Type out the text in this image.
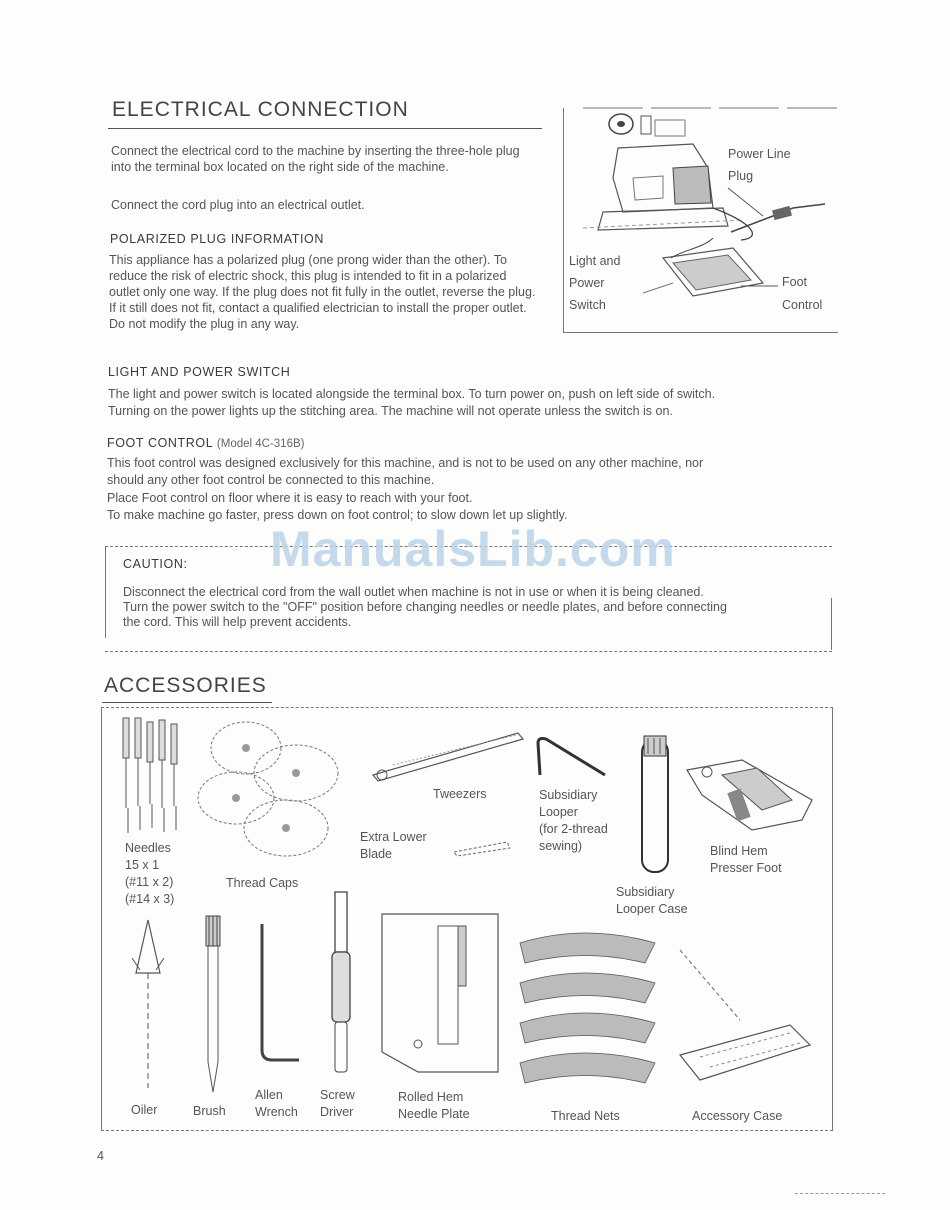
ELECTRICAL CONNECTION
Connect the electrical cord to the machine by inserting the three-hole plug into the terminal box located on the right side of the machine.
Connect the cord plug into an electrical outlet.
Power Line
Plug
Light and
Power
Switch
Foot
Control
POLARIZED PLUG INFORMATION
This appliance has a polarized plug (one prong wider than the other). To reduce the risk of electric shock, this plug is intended to fit in a polarized outlet only one way. If the plug does not fit fully in the outlet, reverse the plug. If it still does not fit, contact a qualified electrician to install the proper outlet. Do not modify the plug in any way.
LIGHT AND POWER SWITCH
The light and power switch is located alongside the terminal box. To turn power on, push on left side of switch.
Turning on the power lights up the stitching area. The machine will not operate unless the switch is on.
FOOT CONTROL (Model 4C-316B)
This foot control was designed exclusively for this machine, and is not to be used on any other machine, nor
should any other foot control be connected to this machine.
Place Foot control on floor where it is easy to reach with your foot.
To make machine go faster, press down on foot control; to slow down let up slightly.
ManualsLib.com
CAUTION:
Disconnect the electrical cord from the wall outlet when machine is not in use or when it is being cleaned.
Turn the power switch to the "OFF" position before changing needles or needle plates, and before connecting
the cord. This will help prevent accidents.
ACCESSORIES
Needles
15 x 1
(#11 x 2)
(#14 x 3)
Thread Caps
Tweezers
Extra Lower
Blade
Subsidiary
Looper
(for 2-thread
sewing)
Subsidiary
Looper Case
Blind Hem
Presser Foot
Oiler	Brush
Allen
Wrench
Screw
Driver
Rolled Hem
Needle Plate	Thread Nets	Accessory Case
4
